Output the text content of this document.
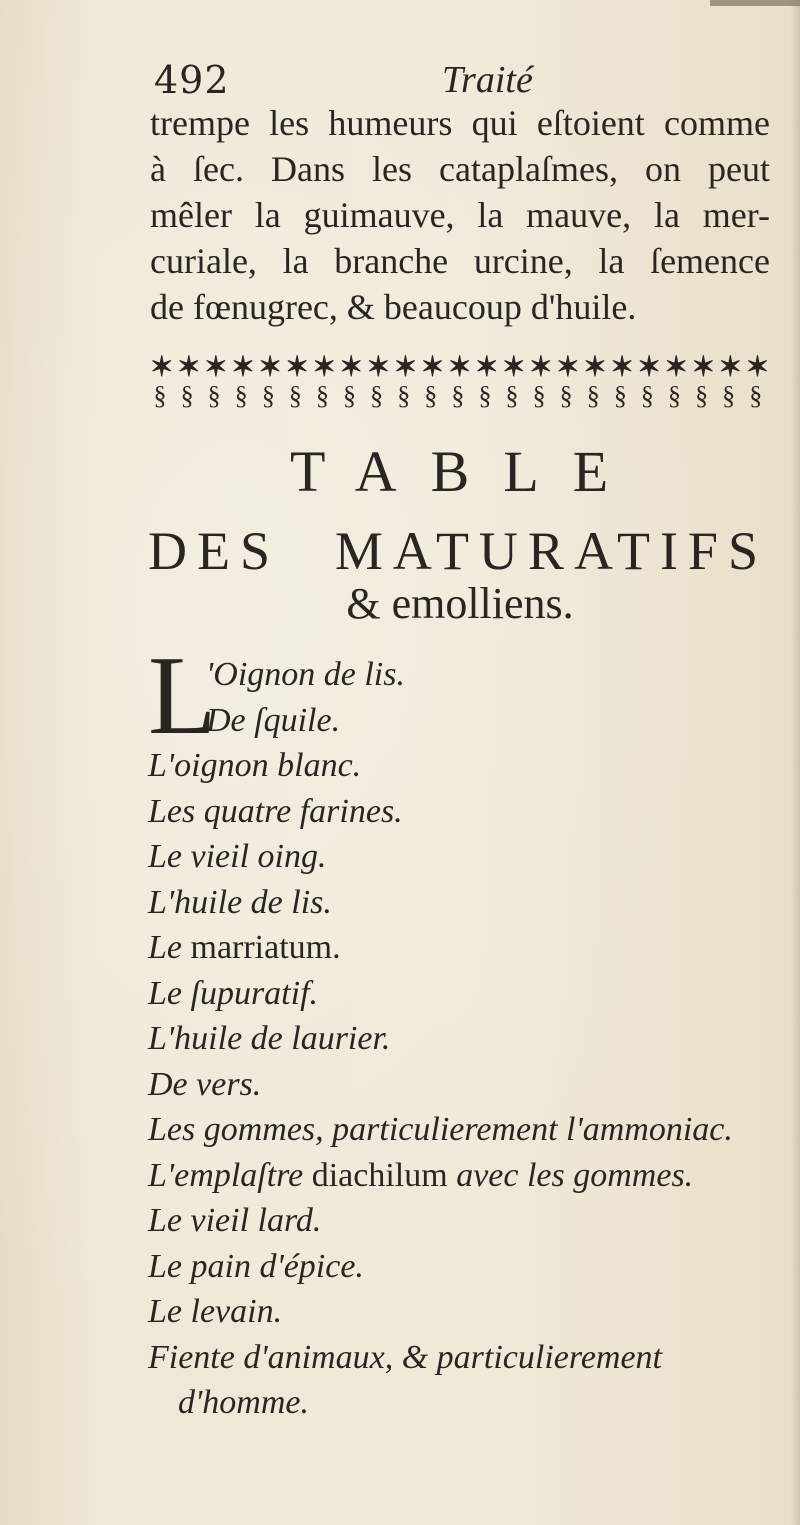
492	Traité
trempe les humeurs qui eſtoient comme
à ſec. Dans les cataplaſmes, on peut
mêler la guimauve, la mauve, la mer-
curiale, la branche urcine, la ſemence
de fœnugrec, & beaucoup d'huile.
✶
§
✶
§
✶
§
✶
§
✶
§
✶
§
✶
§
✶
§
✶
§
✶
§
✶
§
✶
§
✶
§
✶
§
✶
§
✶
§
✶
§
✶
§
✶
§
✶
§
✶
§
✶
§
✶
§
TABLE
DES MATURATIFS
& emolliens.
L
'Oignon de lis.
De ſquile.
L'oignon blanc.
Les quatre farines.
Le vieil oing.
L'huile de lis.
Le marriatum.
Le ſupuratif.
L'huile de laurier.
De vers.
Les gommes, particulierement l'ammoniac.
L'emplaſtre diachilum avec les gommes.
Le vieil lard.
Le pain d'épice.
Le levain.
Fiente d'animaux, & particulierement
d'homme.
